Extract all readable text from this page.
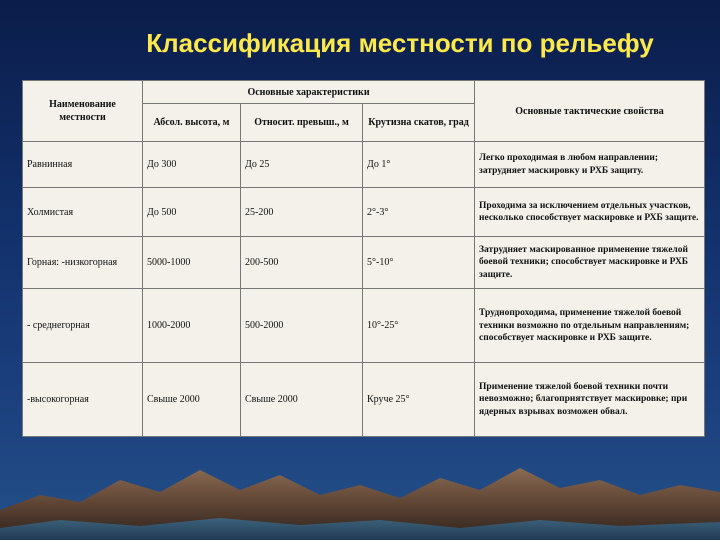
Классификация местности по рельефу
Наименование местности	Основные характеристики			Основные тактические свойства
	Абсол. высота, м	Относит. превыш., м	Крутизна скатов, град	
Равнинная	До 300	До 25	До 1°	Легко проходимая в любом направлении; затрудняет маскировку и РХБ защиту.
Холмистая	До 500	25-200	2°-3°	Проходима за исключением отдельных участков, несколько способствует маскировке и РХБ защите.
Горная: -низкогорная	5000-1000	200-500	5°-10°	Затрудняет маскированное применение тяжелой боевой техники; способствует маскировке и РХБ защите.
- среднегорная	1000-2000	500-2000	10°-25°	Труднопроходима, применение тяжелой боевой техники возможно по отдельным направлениям; способствует маскировке и РХБ защите.
-высокогорная	Свыше 2000	Свыше 2000	Круче 25°	Применение тяжелой боевой техники почти невозможно; благоприятствует маскировке; при ядерных взрывах возможен обвал.
